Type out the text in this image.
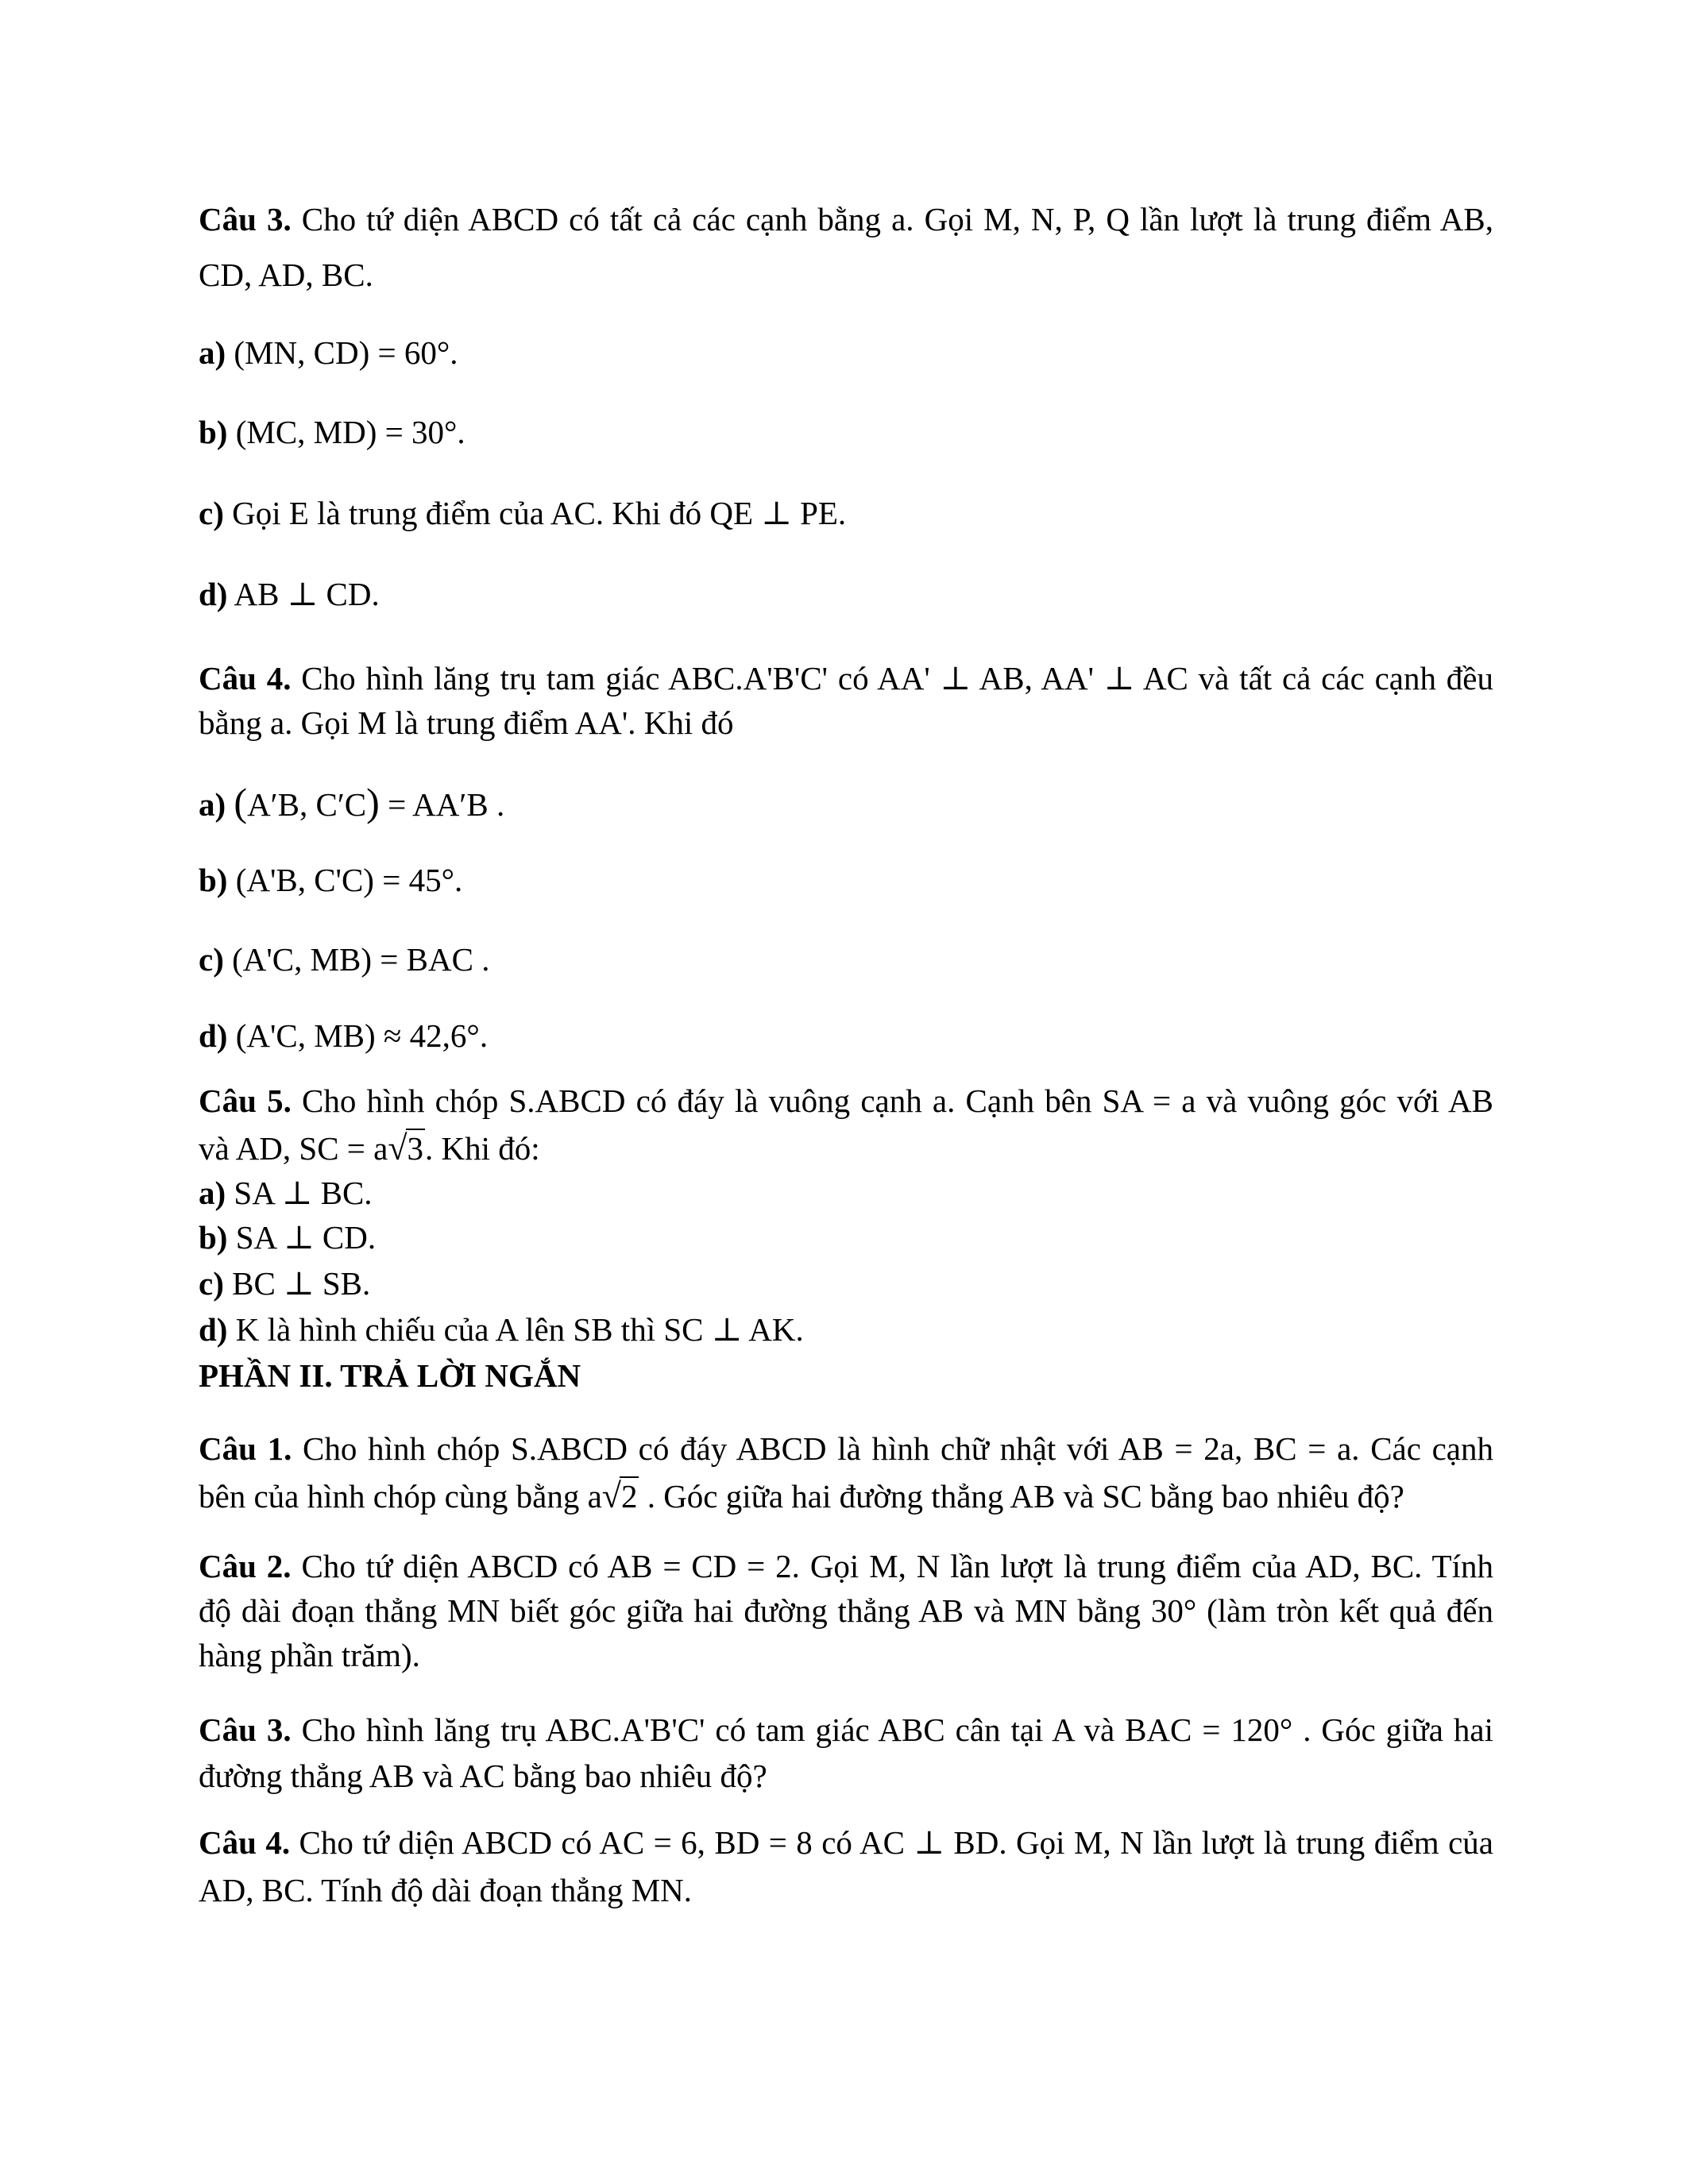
Câu 3. Cho tứ diện ABCD có tất cả các cạnh bằng a. Gọi M, N, P, Q lần lượt là trung điểm AB,
CD, AD, BC.
a) (MN, CD) = 60°.
b) (MC, MD) = 30°.
c) Gọi E là trung điểm của AC. Khi đó QE ⊥ PE.
d) AB ⊥ CD.
Câu 4. Cho hình lăng trụ tam giác ABC.A'B'C' có AA' ⊥ AB, AA' ⊥ AC và tất cả các cạnh đều
bằng a. Gọi M là trung điểm AA'. Khi đó
a) (A′B, C′C) = AA′B .
b) (A'B, C'C) = 45°.
c) (A'C, MB) = BAC .
d) (A'C, MB) ≈ 42,6°.
Câu 5. Cho hình chóp S.ABCD có đáy là vuông cạnh a. Cạnh bên SA = a và vuông góc với AB
và AD, SC = a√3. Khi đó:
a) SA ⊥ BC.
b) SA ⊥ CD.
c) BC ⊥ SB.
d) K là hình chiếu của A lên SB thì SC ⊥ AK.
PHẦN II. TRẢ LỜI NGẮN
Câu 1. Cho hình chóp S.ABCD có đáy ABCD là hình chữ nhật với AB = 2a, BC = a. Các cạnh
bên của hình chóp cùng bằng a√2 . Góc giữa hai đường thẳng AB và SC bằng bao nhiêu độ?
Câu 2. Cho tứ diện ABCD có AB = CD = 2. Gọi M, N lần lượt là trung điểm của AD, BC. Tính
độ dài đoạn thẳng MN biết góc giữa hai đường thẳng AB và MN bằng 30° (làm tròn kết quả đến
hàng phần trăm).
Câu 3. Cho hình lăng trụ ABC.A'B'C' có tam giác ABC cân tại A và BAC = 120° . Góc giữa hai
đường thẳng AB và AC bằng bao nhiêu độ?
Câu 4. Cho tứ diện ABCD có AC = 6, BD = 8 có AC ⊥ BD. Gọi M, N lần lượt là trung điểm của
AD, BC. Tính độ dài đoạn thẳng MN.
